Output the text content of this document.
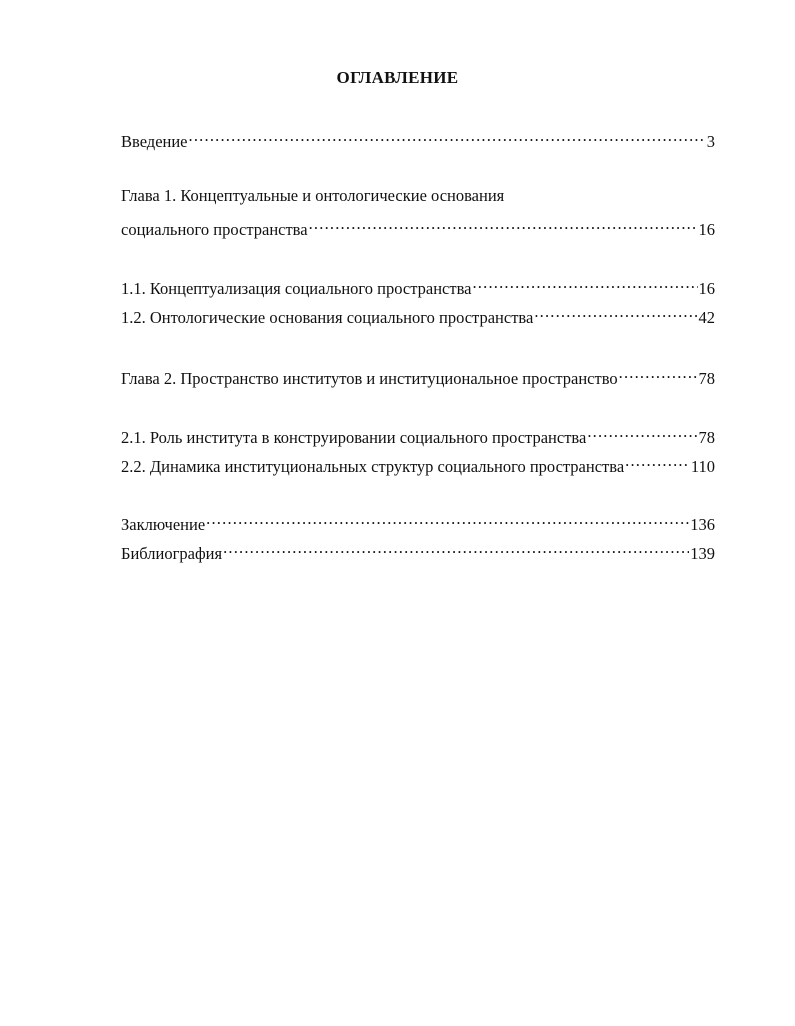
ОГЛАВЛЕНИЕ
Введение .....	3
Глава 1. Концептуальные и онтологические основания
социального пространства .....	16
1.1. Концептуализация социального пространства .....	16
1.2. Онтологические основания социального пространства .....	42
Глава 2. Пространство институтов и институциональное пространство .....	78
2.1. Роль института в конструировании социального пространства .....	78
2.2. Динамика институциональных структур социального пространства .....	110
Заключение .....	136
Библиография .....	139
